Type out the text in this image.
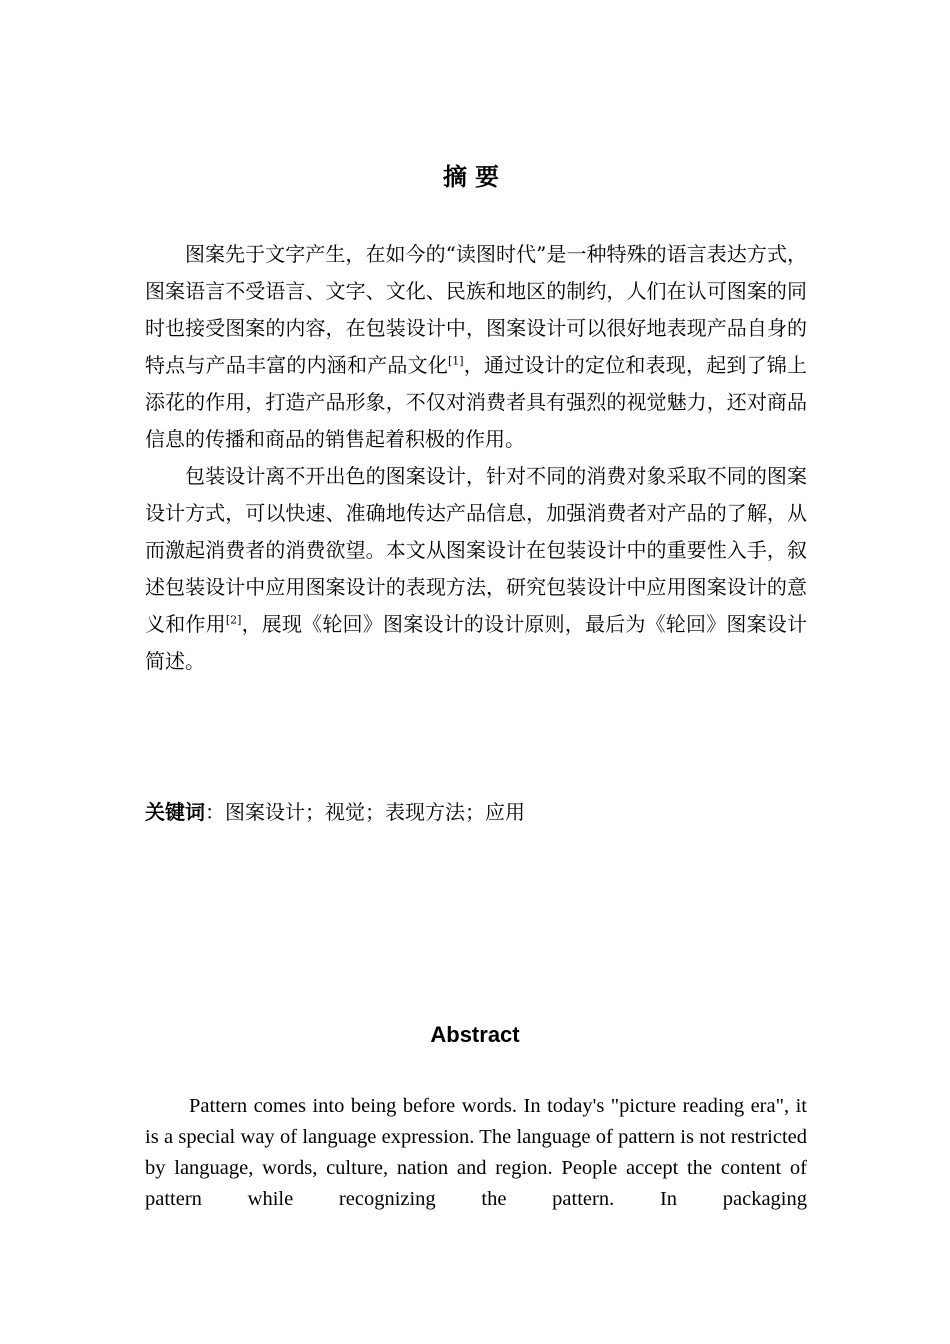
摘要

图案先于文字产生，在如今的“读图时代”是一种特殊的语言表达方式，图案语言不受语言、文字、文化、民族和地区的制约，人们在认可图案的同时也接受图案的内容，在包装设计中，图案设计可以很好地表现产品自身的特点与产品丰富的内涵和产品文化[1]，通过设计的定位和表现，起到了锦上添花的作用，打造产品形象，不仅对消费者具有强烈的视觉魅力，还对商品信息的传播和商品的销售起着积极的作用。

包装设计离不开出色的图案设计，针对不同的消费对象采取不同的图案设计方式，可以快速、准确地传达产品信息，加强消费者对产品的了解，从而激起消费者的消费欲望。本文从图案设计在包装设计中的重要性入手，叙述包装设计中应用图案设计的表现方法，研究包装设计中应用图案设计的意义和作用[2]，展现《轮回》图案设计的设计原则，最后为《轮回》图案设计简述。

关键词：图案设计；视觉；表现方法；应用
Abstract

Pattern comes into being before words. In today's "picture reading era", it is a special way of language expression. The language of pattern is not restricted by language, words, culture, nation and region. People accept the content of pattern while recognizing the pattern. In packaging
